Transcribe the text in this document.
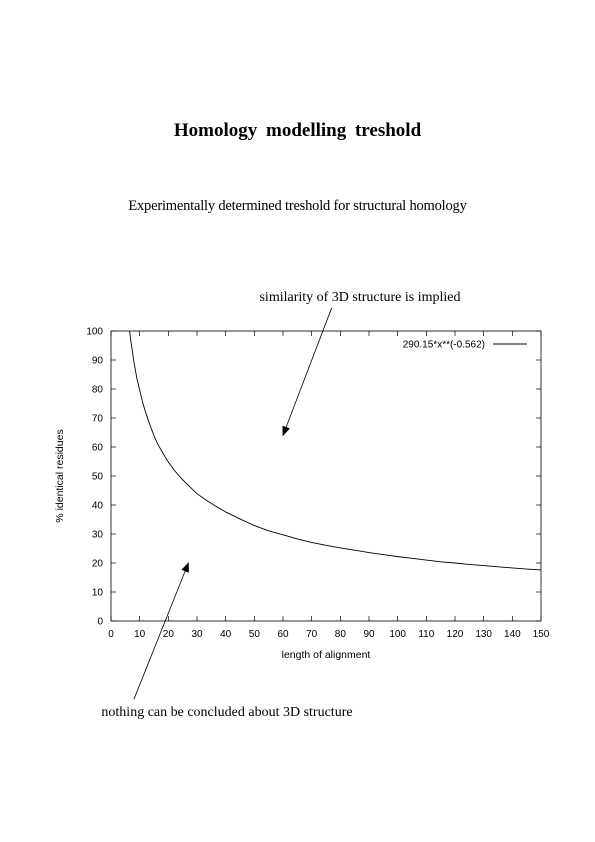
Homology modelling treshold
Experimentally determined treshold for structural homology
length of alignment
% identical residues
0 10 20 30 40 50 60 70 80 90 100 110 120 130 140 150
0
10
20
30
40
50
60
70
80
90
100
290.15*x**(-0.562)
similarity of 3D structure is implied
nothing can be concluded about 3D structure
